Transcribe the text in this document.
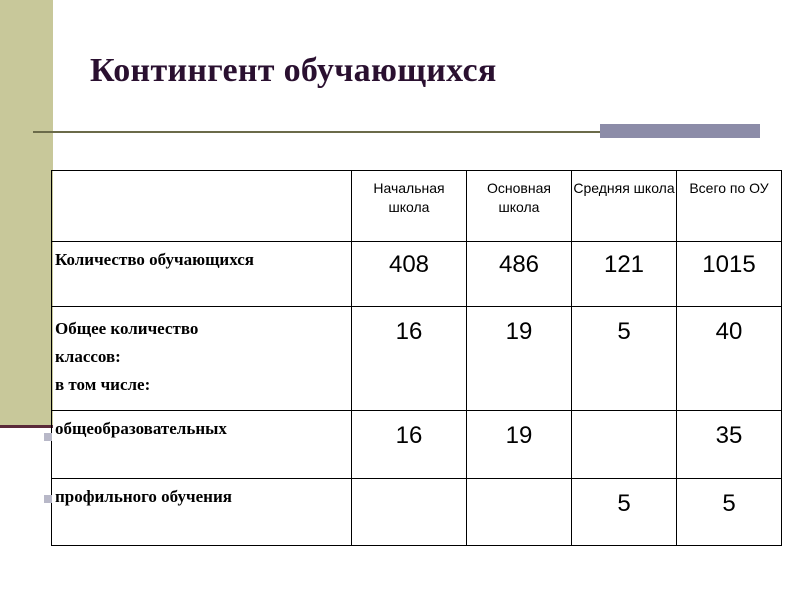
Контингент обучающихся
	Начальная школа	Основная школа	Средняя школа	Всего по ОУ
Количество обучающихся	408	486	121	1015

Общее количество
классов:
в том числе:	16	19	5	40

общеобразовательных	16	19		35

профильного обучения			5	5
